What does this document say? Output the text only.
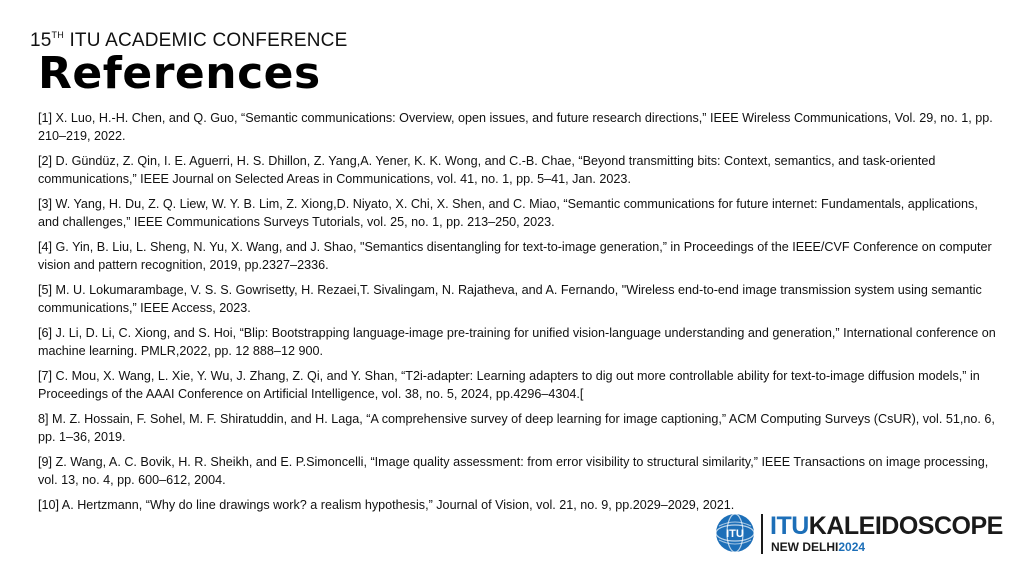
15TH ITU ACADEMIC CONFERENCE
References

[1] X. Luo, H.-H. Chen, and Q. Guo, “Semantic communications: Overview, open issues, and future research directions,” IEEE Wireless Communications, Vol. 29, no. 1, pp. 210–219, 2022.

[2] D. Gündüz, Z. Qin, I. E. Aguerri, H. S. Dhillon, Z. Yang,A. Yener, K. K. Wong, and C.-B. Chae, “Beyond transmitting bits: Context, semantics, and task-oriented communications,” IEEE Journal on Selected Areas in Communications, vol. 41, no. 1, pp. 5–41, Jan. 2023.

[3] W. Yang, H. Du, Z. Q. Liew, W. Y. B. Lim, Z. Xiong,D. Niyato, X. Chi, X. Shen, and C. Miao, “Semantic communications for future internet: Fundamentals, applications, and challenges,” IEEE Communications Surveys Tutorials, vol. 25, no. 1, pp. 213–250, 2023.

[4] G. Yin, B. Liu, L. Sheng, N. Yu, X. Wang, and J. Shao, "Semantics disentangling for text-to-image generation,” in Proceedings of the IEEE/CVF Conference on computer vision and pattern recognition, 2019, pp.2327–2336.

[5] M. U. Lokumarambage, V. S. S. Gowrisetty, H. Rezaei,T. Sivalingam, N. Rajatheva, and A. Fernando, "Wireless end-to-end image transmission system using semantic communications,” IEEE Access, 2023.

[6] J. Li, D. Li, C. Xiong, and S. Hoi, “Blip: Bootstrapping language-image pre-training for unified vision-language understanding and generation,” International conference on machine learning. PMLR,2022, pp. 12 888–12 900.

[7] C. Mou, X. Wang, L. Xie, Y. Wu, J. Zhang, Z. Qi, and Y. Shan, “T2i-adapter: Learning adapters to dig out more controllable ability for text-to-image diffusion models,” in Proceedings of the AAAI Conference on Artificial Intelligence, vol. 38, no. 5, 2024, pp.4296–4304.[

8] M. Z. Hossain, F. Sohel, M. F. Shiratuddin, and H. Laga, “A comprehensive survey of deep learning for image captioning,” ACM Computing Surveys (CsUR), vol. 51,no. 6, pp. 1–36, 2019.

[9] Z. Wang, A. C. Bovik, H. R. Sheikh, and E. P.Simoncelli, “Image quality assessment: from error visibility to structural similarity,” IEEE Transactions on image processing, vol. 13, no. 4, pp. 600–612, 2004.

[10] A. Hertzmann, “Why do line drawings work? a realism hypothesis,” Journal of Vision, vol. 21, no. 9, pp.2029–2029, 2021.

ITU ITUKALEIDOSCOPE
NEW DELHI2024
